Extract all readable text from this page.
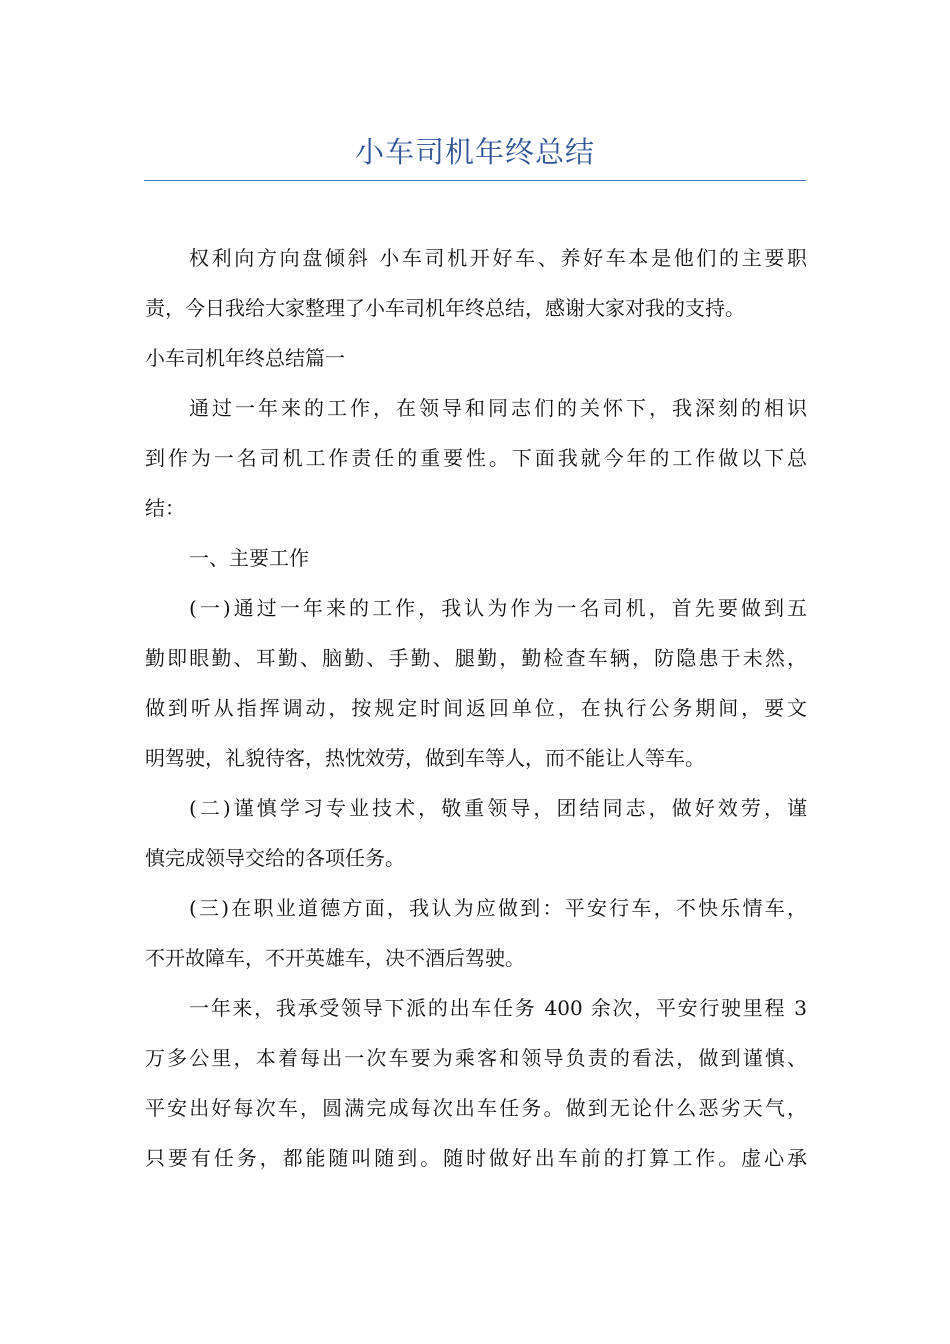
小车司机年终总结
权利向方向盘倾斜 小车司机开好车、养好车本是他们的主要职
责，今日我给大家整理了小车司机年终总结，感谢大家对我的支持。
小车司机年终总结篇一
通过一年来的工作，在领导和同志们的关怀下，我深刻的相识
到作为一名司机工作责任的重要性。下面我就今年的工作做以下总
结：
一、主要工作
(一)通过一年来的工作，我认为作为一名司机，首先要做到五
勤即眼勤、耳勤、脑勤、手勤、腿勤，勤检查车辆，防隐患于未然，
做到听从指挥调动，按规定时间返回单位，在执行公务期间，要文
明驾驶，礼貌待客，热忱效劳，做到车等人，而不能让人等车。
(二)谨慎学习专业技术，敬重领导，团结同志，做好效劳，谨
慎完成领导交给的各项任务。
(三)在职业道德方面，我认为应做到：平安行车，不快乐情车，
不开故障车，不开英雄车，决不酒后驾驶。
一年来，我承受领导下派的出车任务 400 余次，平安行驶里程 3
万多公里，本着每出一次车要为乘客和领导负责的看法，做到谨慎、
平安出好每次车，圆满完成每次出车任务。做到无论什么恶劣天气，
只要有任务，都能随叫随到。随时做好出车前的打算工作。虚心承
